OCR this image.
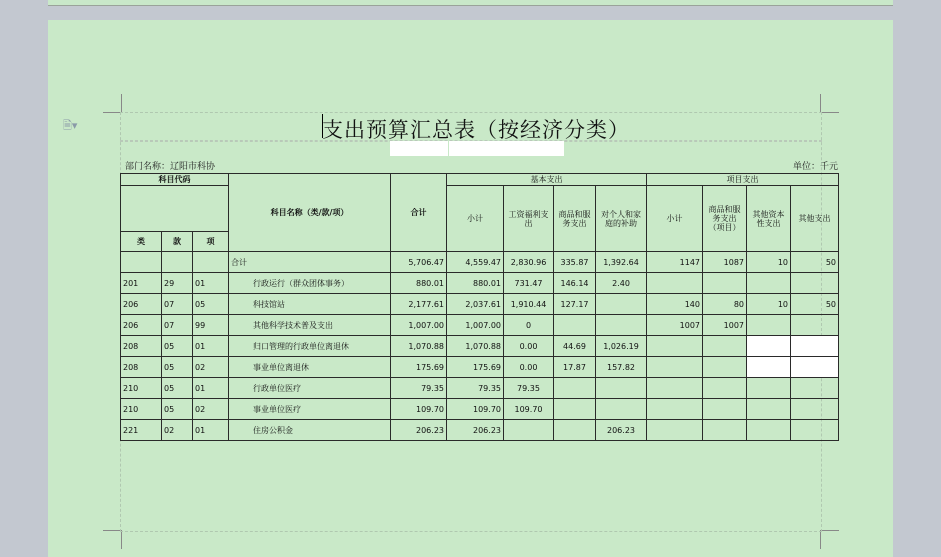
🗎▾	支出预算汇总表（按经济分类）
部门名称：辽阳市科协	单位：千元
科目代码			科目名称（类/款/项）	合计	基本支出				项目支出			
					小计	工资福利支出	商品和服务支出	对个人和家庭的补助	小计	商品和服务支出（项目）	其他资本性支出	其他支出
类	款	项										
			合计	5,706.47	4,559.47	2,830.96	335.87	1,392.64	1147	1087	10	50
201	29	01	行政运行（群众团体事务）	880.01	880.01	731.47	146.14	2.40				
206	07	05	科技馆站	2,177.61	2,037.61	1,910.44	127.17		140	80	10	50
206	07	99	其他科学技术普及支出	1,007.00	1,007.00	0			1007	1007		
208	05	01	归口管理的行政单位离退休	1,070.88	1,070.88	0.00	44.69	1,026.19				
208	05	02	事业单位离退休	175.69	175.69	0.00	17.87	157.82				
210	05	01	行政单位医疗	79.35	79.35	79.35						
210	05	02	事业单位医疗	109.70	109.70	109.70						
221	02	01	住房公积金	206.23	206.23			206.23				
